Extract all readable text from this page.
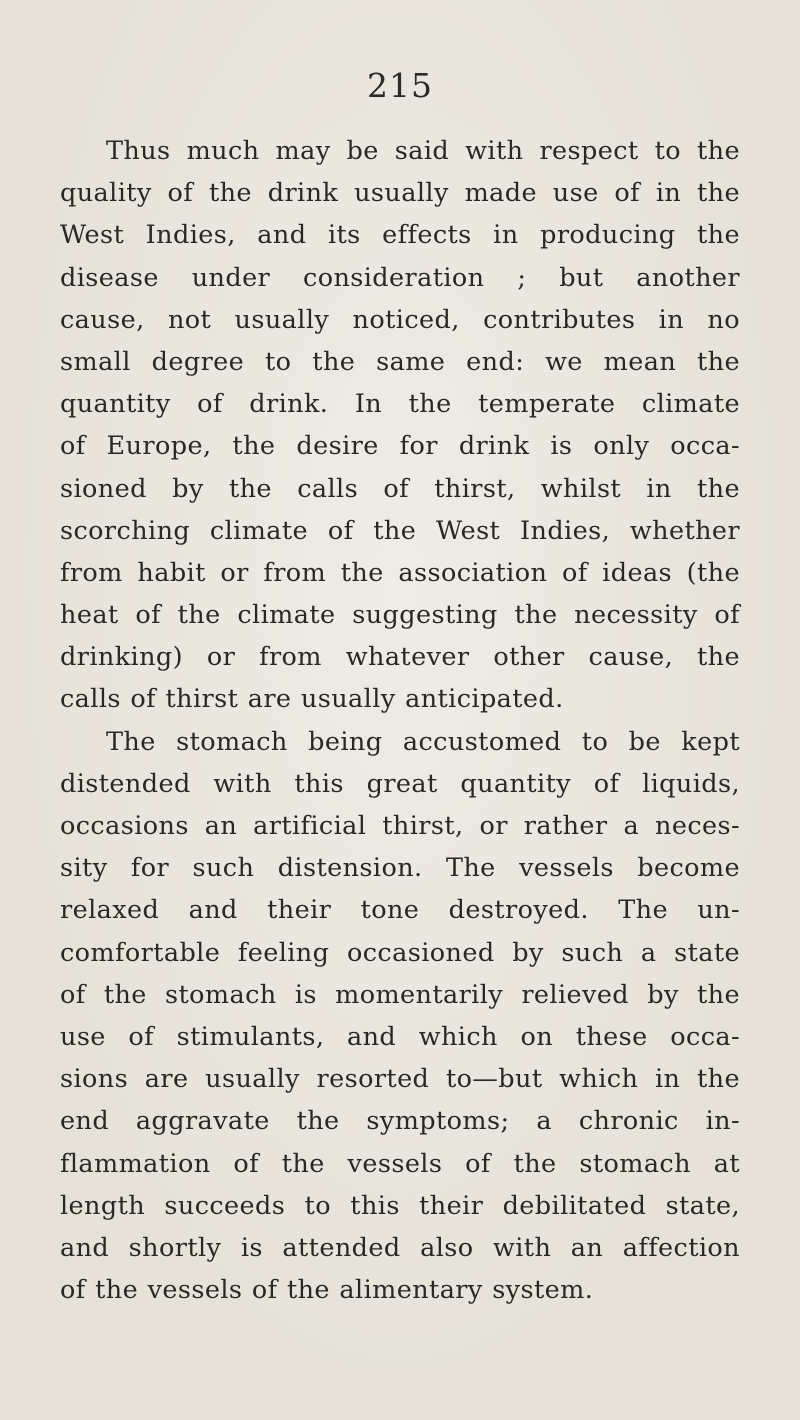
215
Thus much may be said with respect to the
quality of the drink usually made use of in the
West Indies, and its effects in producing the
disease under consideration ; but another
cause, not usually noticed, contributes in no
small degree to the same end: we mean the
quantity of drink. In the temperate climate
of Europe, the desire for drink is only occa-
sioned by the calls of thirst, whilst in the
scorching climate of the West Indies, whether
from habit or from the association of ideas (the
heat of the climate suggesting the necessity of
drinking) or from whatever other cause, the
calls of thirst are usually anticipated.
The stomach being accustomed to be kept
distended with this great quantity of liquids,
occasions an artificial thirst, or rather a neces-
sity for such distension. The vessels become
relaxed and their tone destroyed. The un-
comfortable feeling occasioned by such a state
of the stomach is momentarily relieved by the
use of stimulants, and which on these occa-
sions are usually resorted to—but which in the
end aggravate the symptoms; a chronic in-
flammation of the vessels of the stomach at
length succeeds to this their debilitated state,
and shortly is attended also with an affection
of the vessels of the alimentary system.
